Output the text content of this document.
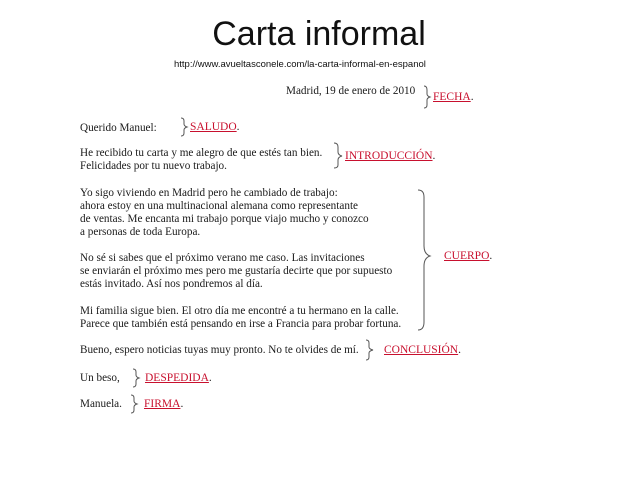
Carta informal
http://www.avueltasconele.com/la-carta-informal-en-espanol
Madrid, 19 de enero de 2010 FECHA.
Querido Manuel:	SALUDO.
He recibido tu carta y me alegro de que estés tan bien.
Felicidades por tu nuevo trabajo.
INTRODUCCIÓN.
Yo sigo viviendo en Madrid pero he cambiado de trabajo:
ahora estoy en una multinacional alemana como representante
de ventas. Me encanta mi trabajo porque viajo mucho y conozco
a personas de toda Europa.
No sé si sabes que el próximo verano me caso. Las invitaciones
se enviarán el próximo mes pero me gustaría decirte que por supuesto
estás invitado. Así nos pondremos al día.
Mi familia sigue bien. El otro día me encontré a tu hermano en la calle.
Parece que también está pensando en irse a Francia para probar fortuna.
CUERPO.
Bueno, espero noticias tuyas muy pronto. No te olvides de mí. CONCLUSIÓN.
Un beso, DESPEDIDA.
Manuela. FIRMA.
